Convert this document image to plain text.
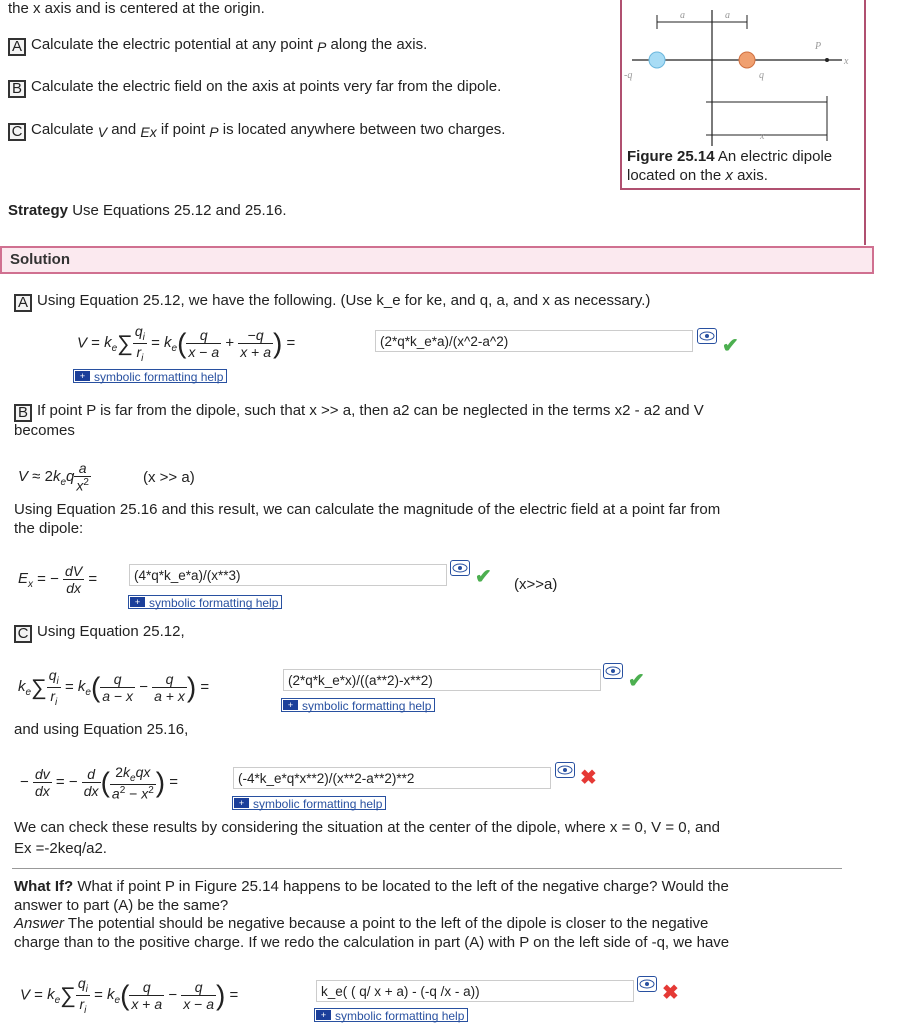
the x axis and is centered at the origin.
A Calculate the electric potential at any point P along the axis.
B Calculate the electric field on the axis at points very far from the dipole.
C Calculate V and Ex if point P is located anywhere between two charges.
a	a
P
x
-q	q
x
Figure 25.14 An electric dipole located on the x axis.
Strategy Use Equations 25.12 and 25.16.
Solution
A Using Equation 25.12, we have the following. (Use k_e for ke, and q, a, and x as necessary.)
$V = k_e\sum \frac{q_i}{r_i} = k_e( \frac{q}{x - a} + \frac{-q}{x + a}$ ) =	(2*q*k_e*a)/(x^2-a^2)	✔
+ symbolic formatting help
B If point P is far from the dipole, such that x >> a, then a2 can be neglected in the terms x2 - a2 and V
becomes
$V \approx 2k_eq \frac{a}{x^2}$	(x >> a)
Using Equation 25.16 and this result, we can calculate the magnitude of the electric field at a point far from
the dipole:
$E_x$ = − $\frac{dV}{dx}$ =	(4*q*k_e*a)/(x**3)	✔ (x>>a)
+ symbolic formatting help
C Using Equation 25.12,
$k_e\sum \frac{q_i}{r_i} = k_e( \frac{q}{a - x} - \frac{q}{a + x}$ ) =	(2*q*k_e*x)/((a**2)-x**2)	✔
+ symbolic formatting help
and using Equation 25.16,
− $\frac{dv}{dx}$ = − $\frac{d}{dx}$ ( $\frac{2k_eqx}{a^2 - x^2}$ ) =	(-4*k_e*q*x**2)/(x**2-a**2)**2	✖
+ symbolic formatting help
We can check these results by considering the situation at the center of the dipole, where x = 0, V = 0, and
Ex =-2keq/a2.
What If? What if point P in Figure 25.14 happens to be located to the left of the negative charge? Would the
answer to part (A) be the same?
Answer The potential should be negative because a point to the left of the dipole is closer to the negative
charge than to the positive charge. If we redo the calculation in part (A) with P on the left side of -q, we have
$V = k_e\sum \frac{q_i}{r_i} = k_e( \frac{q}{x + a} - \frac{q}{x - a}$ ) =	k_e( ( q/ x + a) - (-q /x - a))	✖
+ symbolic formatting help
